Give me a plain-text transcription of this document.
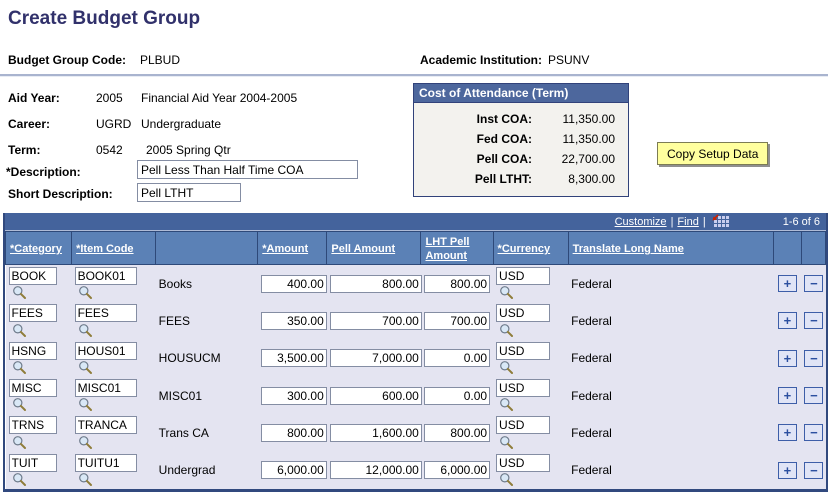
Create Budget Group
Budget Group Code: PLBUD	Academic Institution: PSUNV
Aid Year:	2005 Financial Aid Year 2004-2005
Career:	UGRD Undergraduate
Term:	0542 2005 Spring Qtr
*Description:
Pell Less Than Half Time COA
Short Description:
Pell LTHT
Cost of Attendance (Term)
Inst COA:	11,350.00
Fed COA:	11,350.00
Pell COA:	22,700.00
Pell LTHT:	8,300.00
Copy Setup Data
Customize | Find |	1-6 of 6
*Category	*Item Code		*Amount	Pell Amount	LHT Pell Amount	*Currency	Translate Long Name		
BOOK	BOOK01	Books	400.00	800.00	800.00	USD	Federal	+	−
FEES	FEES	FEES	350.00	700.00	700.00	USD	Federal	+	−
HSNG	HOUS01	HOUSUCM	3,500.00	7,000.00	0.00	USD	Federal	+	−
MISC	MISC01	MISC01	300.00	600.00	0.00	USD	Federal	+	−
TRNS	TRANCA	Trans CA	800.00	1,600.00	800.00	USD	Federal	+	−
TUIT	TUITU1	Undergrad	6,000.00	12,000.00	6,000.00	USD	Federal	+	−
